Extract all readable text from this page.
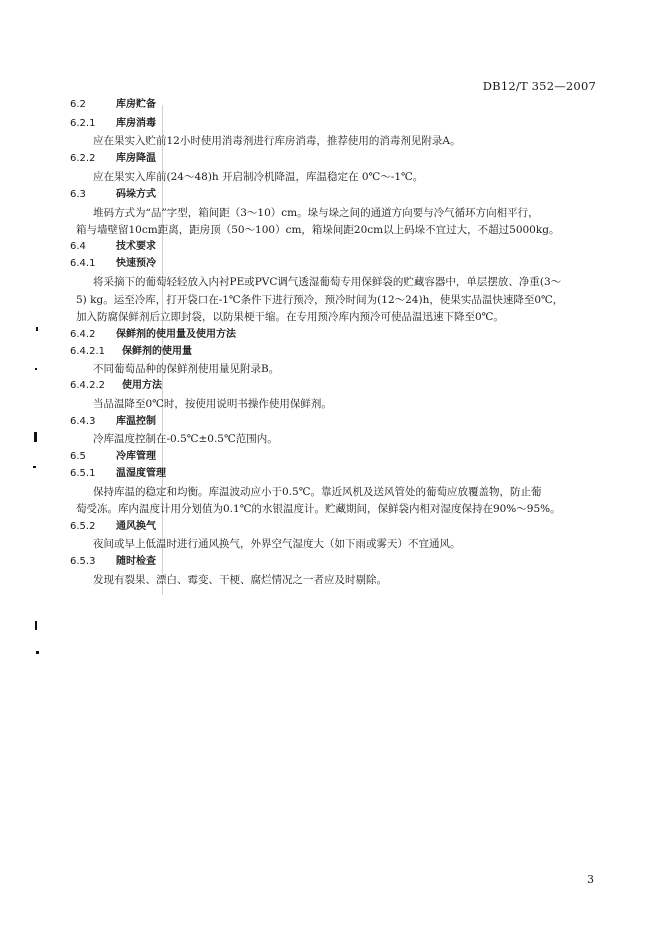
DB12/T 352—2007
6.2	库房贮备
6.2.1 库房消毒
应在果实入贮前12小时使用消毒剂进行库房消毒，推荐使用的消毒剂见附录A。
6.2.2 库房降温
应在果实入库前(24～48)h 开启制冷机降温，库温稳定在 0℃～-1℃。
6.3	码垛方式
堆码方式为“品”字型，箱间距（3～10）cm。垛与垛之间的通道方向要与冷气循环方向相平行，
箱与墙壁留10cm距离，距房顶（50～100）cm，箱垛间距20cm以上码垛不宜过大，不超过5000kg。
6.4	技术要求
6.4.1 快速预冷
将采摘下的葡萄轻轻放入内衬PE或PVC调气透湿葡萄专用保鲜袋的贮藏容器中，单层摆放、净重(3～
5) kg。运至冷库，打开袋口在-1℃条件下进行预冷，预冷时间为(12～24)h，使果实品温快速降至0℃，
加入防腐保鲜剂后立即封袋，以防果梗干缩。在专用预冷库内预冷可使品温迅速下降至0℃。
6.4.2 保鲜剂的使用量及使用方法
6.4.2.1 保鲜剂的使用量
不同葡萄品种的保鲜剂使用量见附录B。
6.4.2.2 使用方法
当品温降至0℃时，按使用说明书操作使用保鲜剂。
6.4.3 库温控制
冷库温度控制在-0.5℃±0.5℃范围内。
6.5	冷库管理
6.5.1 温湿度管理
保持库温的稳定和均衡。库温波动应小于0.5℃。靠近风机及送风管处的葡萄应放覆盖物，防止葡
萄受冻。库内温度计用分划值为0.1℃的水银温度计。贮藏期间，保鲜袋内相对湿度保持在90%～95%。
6.5.2 通风换气
夜间或早上低温时进行通风换气，外界空气湿度大（如下雨或雾天）不宜通风。
6.5.3 随时检查
发现有裂果、漂白、霉变、干梗、腐烂情况之一者应及时剔除。
3
